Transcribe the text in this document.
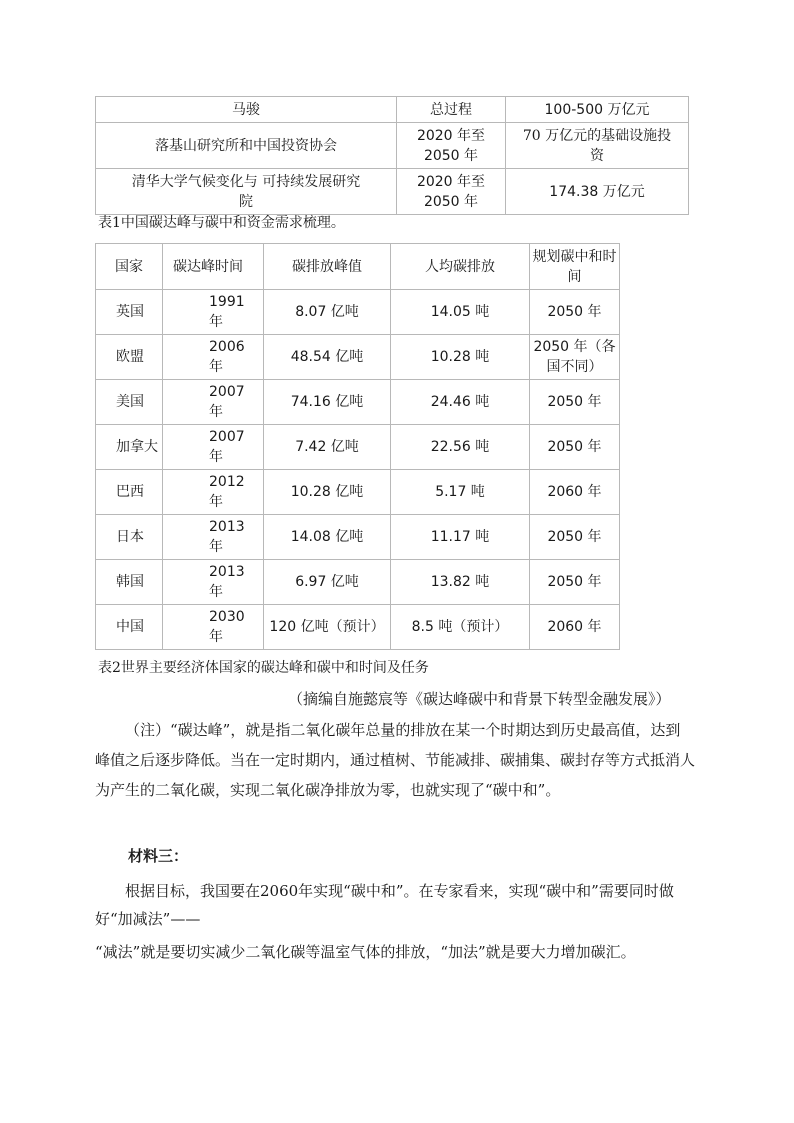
马骏	总过程	100-500 万亿元
落基山研究所和中国投资协会	2020 年至 2050 年	70 万亿元的基础设施投资
清华大学气候变化与 可持续发展研究院	2020 年至 2050 年	174.38 万亿元
表1中国碳达峰与碳中和资金需求梳理。
国家	碳达峰时间	碳排放峰值	人均碳排放	规划碳中和时间
英国	1991 年	8.07 亿吨	14.05 吨	2050 年
欧盟	2006 年	48.54 亿吨	10.28 吨	2050 年（各国不同）
美国	2007 年	74.16 亿吨	24.46 吨	2050 年
加拿大	2007 年	7.42 亿吨	22.56 吨	2050 年
巴西	2012 年	10.28 亿吨	5.17 吨	2060 年
日本	2013 年	14.08 亿吨	11.17 吨	2050 年
韩国	2013 年	6.97 亿吨	13.82 吨	2050 年
中国	2030 年	120 亿吨（预计）	8.5 吨（预计）	2060 年
表2世界主要经济体国家的碳达峰和碳中和时间及任务
（摘编自施懿宸等《碳达峰碳中和背景下转型金融发展》）
（注）“碳达峰”，就是指二氧化碳年总量的排放在某一个时期达到历史最高值，达到峰值之后逐步降低。当在一定时期内，通过植树、节能减排、碳捕集、碳封存等方式抵消人为产生的二氧化碳，实现二氧化碳净排放为零，也就实现了“碳中和”。
材料三：
根据目标，我国要在2060年实现“碳中和”。在专家看来，实现“碳中和”需要同时做好“加减法”——
“减法”就是要切实减少二氧化碳等温室气体的排放，“加法”就是要大力增加碳汇。
